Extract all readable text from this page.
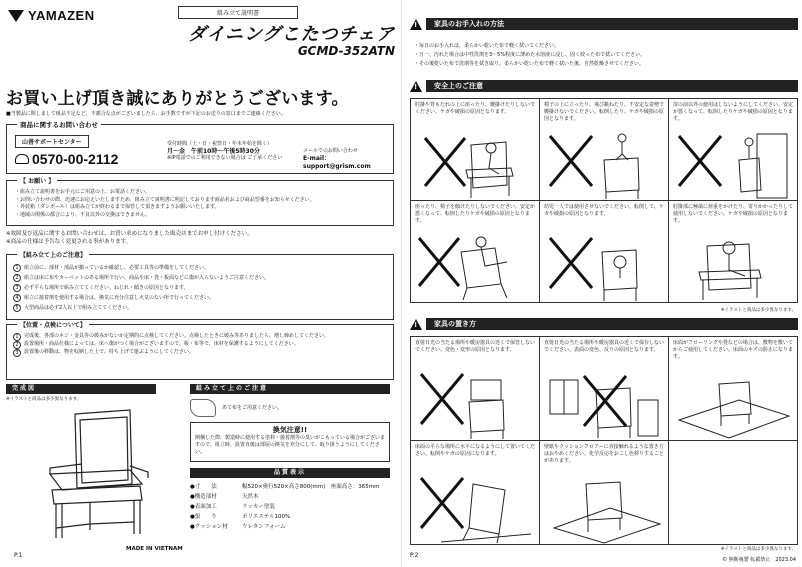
YAMAZEN	組み立て説明書
ダイニングこたつチェア
GCMD-352ATN
お買い上げ頂き誠にありがとうございます。
■当製品に関しまして組品不足など、不都合な点がございましたら、お手数ですが下記のお送りの窓口までご連絡ください。
商品に関するお問い合わせ
山善サポートセンター
0570-00-2112
受付時間（土・日・祝祭日・年末年始を除く）
月～金　午前10時～午後5時30分
※IP電話でのご利用できない場合は ご了承ください
メールでのお問い合わせ
E-mail：support@grism.com
【 お願い 】
・組み立て説明書をお手元にご用意の上、お電話ください。
・お問い合わせの際、迅速にお応えいたしますため、組み立て説明書に明記しております商品名および商品型番をお知らせください。
・外装箱（ダンボール）は組み立てが終わるまで保管して頂きますようお願いいたします。
・地域の関係の都合により、不良以外の交換はできません。
※故障及び返品に関するお問い合わせは、お買い求めになりました販売店までお申し付けください。
※商品の仕様は予告なく変更される事があります。
【組み立て上のご注意】
1	組立前に、部材・部品が揃っているか確認し、必要工具等の準備をしてください。
2	組立は床に布やカーペットのある場所で行い、商品や床・畳・板面などに傷が入らないようご注意ください。
3	必ず平らな場所で組み立ててください。ねじれ・傾きの原因となります。
4	組立に接着剤を使用する場合は、換気に充分注意し火気のない所で行ってください。
5	大型商品は必ず2人以上で組み立ててください。
【位置・点検について】
1	完成後、各部のネジ・金具等の緩みがないか定期的に点検してください。点検したときに緩み等ありましたら、増し締めしてください。
2	設置場所・商品仕様によっては、床へ傷がつく場合がございますので、板・布等で、床材を保護するようにしてください。
3	設置後の移動は、物を収納した上で、持ち上げて運ぶようにしてください。
完成図	組み立て上のご注意
※イラストと商品は多少異なります。
MADE IN VIETNAM
あて布をご用意ください。
換気注意!!
開梱した際、製造時に使用する塗料・接着剤等の臭いがこもっている場合がございますので、組立時、設置直後は部屋の換気を充分にして、取り扱うようにしてください。
品質表示
●寸　　法	幅520×奥行520×高さ800(mm)　座面高さ：365mm
●構造部材	天然木
●表面加工	ラッカー塗装
●張　　り	ポリエステル100%
●クッション材	ウレタンフォーム
P.1
!
家具のお手入れの方法
・毎日のお手入れは、柔らかい乾いた布で軽く拭いてください。
・万一、汚れた場合は中性洗剤を3～5%程度に薄めた水溶液に浸し、固く絞った布で拭いてください。
・その後乾いた布で洗剤等を拭き取り、柔らかい乾いた布で軽く拭いた後、自然乾燥させてください。
!
安全上のご注意
肘掛や背もたれの上に座ったり、腰掛けたりしないでください。ケガや破損の原因となります。
椅子の上に立ったり、飛び跳ねたり、不安定な姿勢で腰掛けないでください。転倒したり、ケガや破損の原因となります。
扉の前以外の使用はしないようにしてください。安定が悪くなって、転倒したりケガや破損の原因となります。
座ったり、椅子を傾けたりしないでください。安定が悪くなって、転倒したりケガや破損の原因となります。
幼児一人では使用させないでください。転倒して、ケガや破損の原因となります。
肘掛部に極端に荷重をかけたり、寄りかかったりして使用しないでください。ケガや破損の原因となります。
※イラストと商品は多少異なります。
!
家具の置き方
直射日光の当たる場所や暖房器具の近くで保管しないでください。変色・変形の原因となります。
直射日光の当たる場所や暖房器具の近くで保存しないでください。表面の変色、反りの原因となります。
床面がフローリングや畳などの場合は、敷物を敷いてからご使用してください。床面のキズの防止になります。
床面の平らな場所に水平になるようにして置いてください。転倒やケガの原因になります。
壁紙やクッションフロアーに直接触れるような置き方はおやめください。化学反応をおこし色移りすることがあります。
※イラストと商品は多少異なります。
© 無断複製 転載禁止　2023.04
P.2
